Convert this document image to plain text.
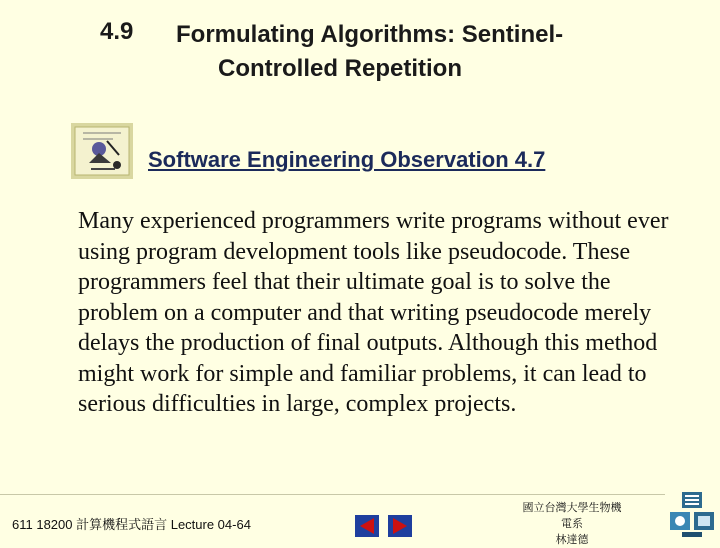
4.9 Formulating Algorithms: Sentinel-
Controlled Repetition
Software Engineering Observation 4.7
Many experienced programmers write programs without ever using program development tools like pseudocode. These programmers feel that their ultimate goal is to solve the problem on a computer and that writing pseudocode merely delays the production of final outputs. Although this method might work for simple and familiar problems, it can lead to serious difficulties in large, complex projects.
611 18200 計算機程式語言 Lecture 04-64
國立台灣大學生物機電系
林達德
